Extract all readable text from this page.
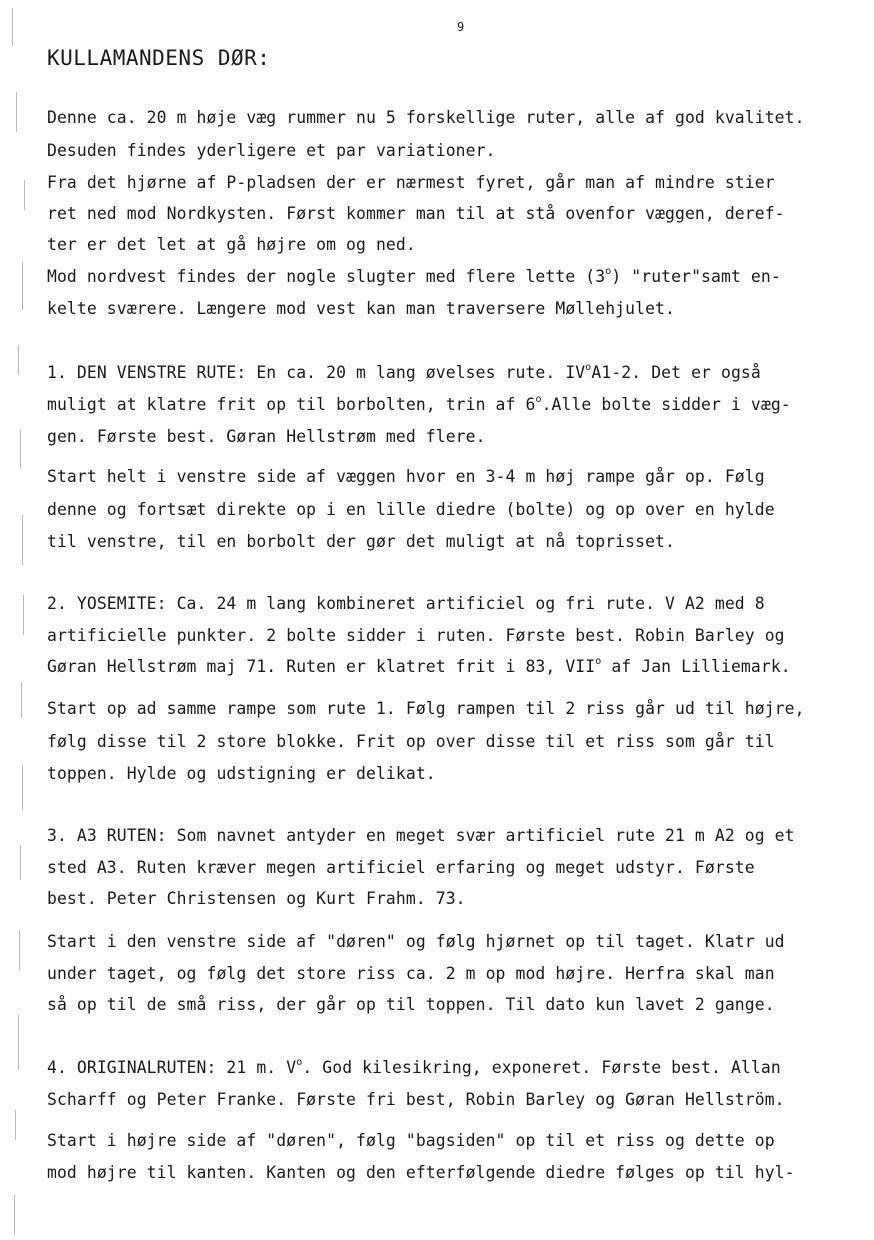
9
KULLAMANDENS DØR:
Denne ca. 20 m høje væg rummer nu 5 forskellige ruter, alle af god kvalitet.
Desuden findes yderligere et par variationer.
Fra det hjørne af P-pladsen der er nærmest fyret, går man af mindre stier
ret ned mod Nordkysten. Først kommer man til at stå ovenfor væggen, deref-
ter er det let at gå højre om og ned.
Mod nordvest findes der nogle slugter med flere lette (3$^o$) "ruter"samt en-
kelte sværere. Længere mod vest kan man traversere Møllehjulet.
1. DEN VENSTRE RUTE: En ca. 20 m lang øvelses rute. $IV^oA1-2$. Det er også
muligt at klatre frit op til borbolten, trin af 6$^o$.Alle bolte sidder i væg-
gen. Første best. Gøran Hellstrøm med flere.
Start helt i venstre side af væggen hvor en 3-4 m høj rampe går op. Følg
denne og fortsæt direkte op i en lille diedre (bolte) og op over en hylde
til venstre, til en borbolt der gør det muligt at nå toprisset.
2. YOSEMITE: Ca. 24 m lang kombineret artificiel og fri rute. V A2 med 8
artificielle punkter. 2 bolte sidder i ruten. Første best. Robin Barley og
Gøran Hellstrøm maj 71. Ruten er klatret frit i 83, VII$^o$ af Jan Lilliemark.
Start op ad samme rampe som rute 1. Følg rampen til 2 riss går ud til højre,
følg disse til 2 store blokke. Frit op over disse til et riss som går til
toppen. Hylde og udstigning er delikat.
3. A3 RUTEN: Som navnet antyder en meget svær artificiel rute 21 m A2 og et
sted A3. Ruten kræver megen artificiel erfaring og meget udstyr. Første
best. Peter Christensen og Kurt Frahm. 73.
Start i den venstre side af "døren" og følg hjørnet op til taget. Klatr ud
under taget, og følg det store riss ca. 2 m op mod højre. Herfra skal man
så op til de små riss, der går op til toppen. Til dato kun lavet 2 gange.
4. ORIGINALRUTEN: 21 m. $V^o$. God kilesikring, exponeret. Første best. Allan
Scharff og Peter Franke. Første fri best, Robin Barley og Gøran Hellström.
Start i højre side af "døren", følg "bagsiden" op til et riss og dette op
mod højre til kanten. Kanten og den efterfølgende diedre følges op til hyl-
